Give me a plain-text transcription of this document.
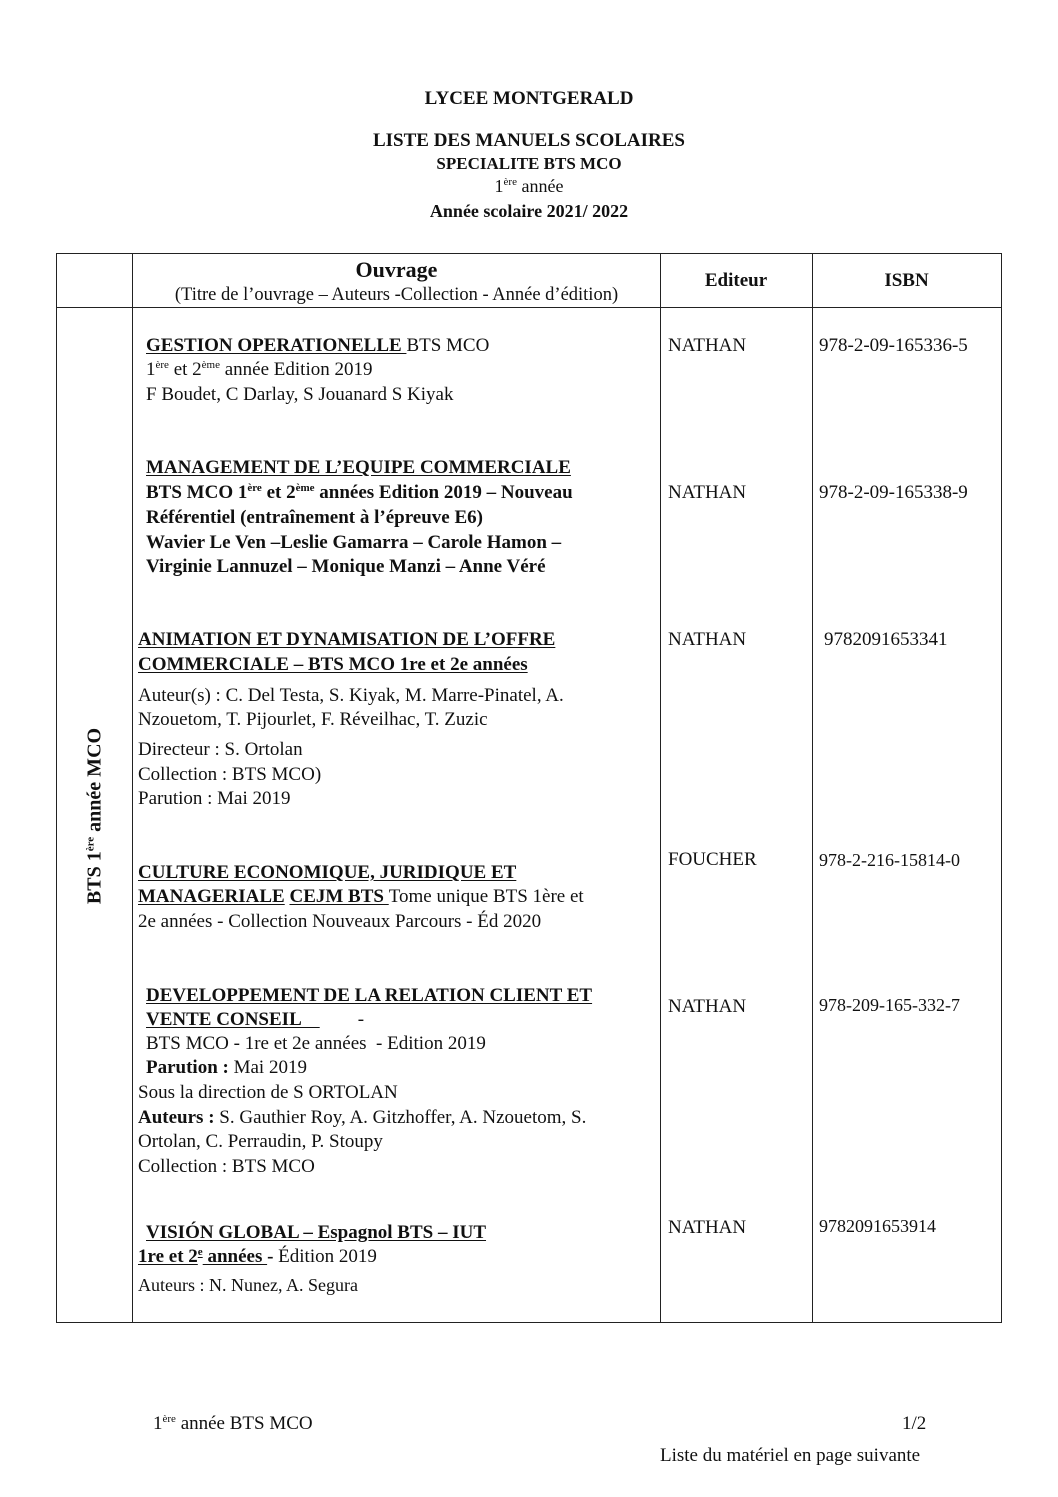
LYCEE MONTGERALD
LISTE DES MANUELS SCOLAIRES
SPECIALITE BTS MCO
1ère année
Année scolaire 2021/ 2022
Ouvrage
(Titre de l’ouvrage – Auteurs -Collection - Année d’édition)
Editeur	ISBN
BTS 1ère année MCO
GESTION OPERATIONELLE BTS MCO
1ère et 2ème année Edition 2019
F Boudet, C Darlay, S Jouanard S Kiyak
NATHAN	978-2-09-165336-5
MANAGEMENT DE L’EQUIPE COMMERCIALE
BTS MCO 1ère et 2ème années Edition 2019 – Nouveau
Référentiel (entraînement à l’épreuve E6)
Wavier Le Ven –Leslie Gamarra – Carole Hamon –
Virginie Lannuzel – Monique Manzi – Anne Véré
NATHAN	978-2-09-165338-9
ANIMATION ET DYNAMISATION DE L’OFFRE
COMMERCIALE – BTS MCO 1re et 2e années
Auteur(s) : C. Del Testa, S. Kiyak, M. Marre-Pinatel, A.
Nzouetom, T. Pijourlet, F. Réveilhac, T. Zuzic
Directeur : S. Ortolan
Collection : BTS MCO)
Parution : Mai 2019
NATHAN	9782091653341
CULTURE ECONOMIQUE, JURIDIQUE ET
MANAGERIALE CEJM BTS Tome unique BTS 1ère et
2e années - Collection Nouveaux Parcours - Éd 2020
FOUCHER	978-2-216-15814-0
DEVELOPPEMENT DE LA RELATION CLIENT ET
VENTE CONSEIL            -
BTS MCO - 1re et 2e années  - Edition 2019
Parution : Mai 2019
Sous la direction de S ORTOLAN
Auteurs : S. Gauthier Roy, A. Gitzhoffer, A. Nzouetom, S.
Ortolan, C. Perraudin, P. Stoupy
Collection : BTS MCO
NATHAN	978-209-165-332-7
VISIÓN GLOBAL – Espagnol BTS – IUT
1re et 2e années - Édition 2019
Auteurs : N. Nunez, A. Segura
NATHAN	9782091653914
1ère année BTS MCO	1/2
Liste du matériel en page suivante
